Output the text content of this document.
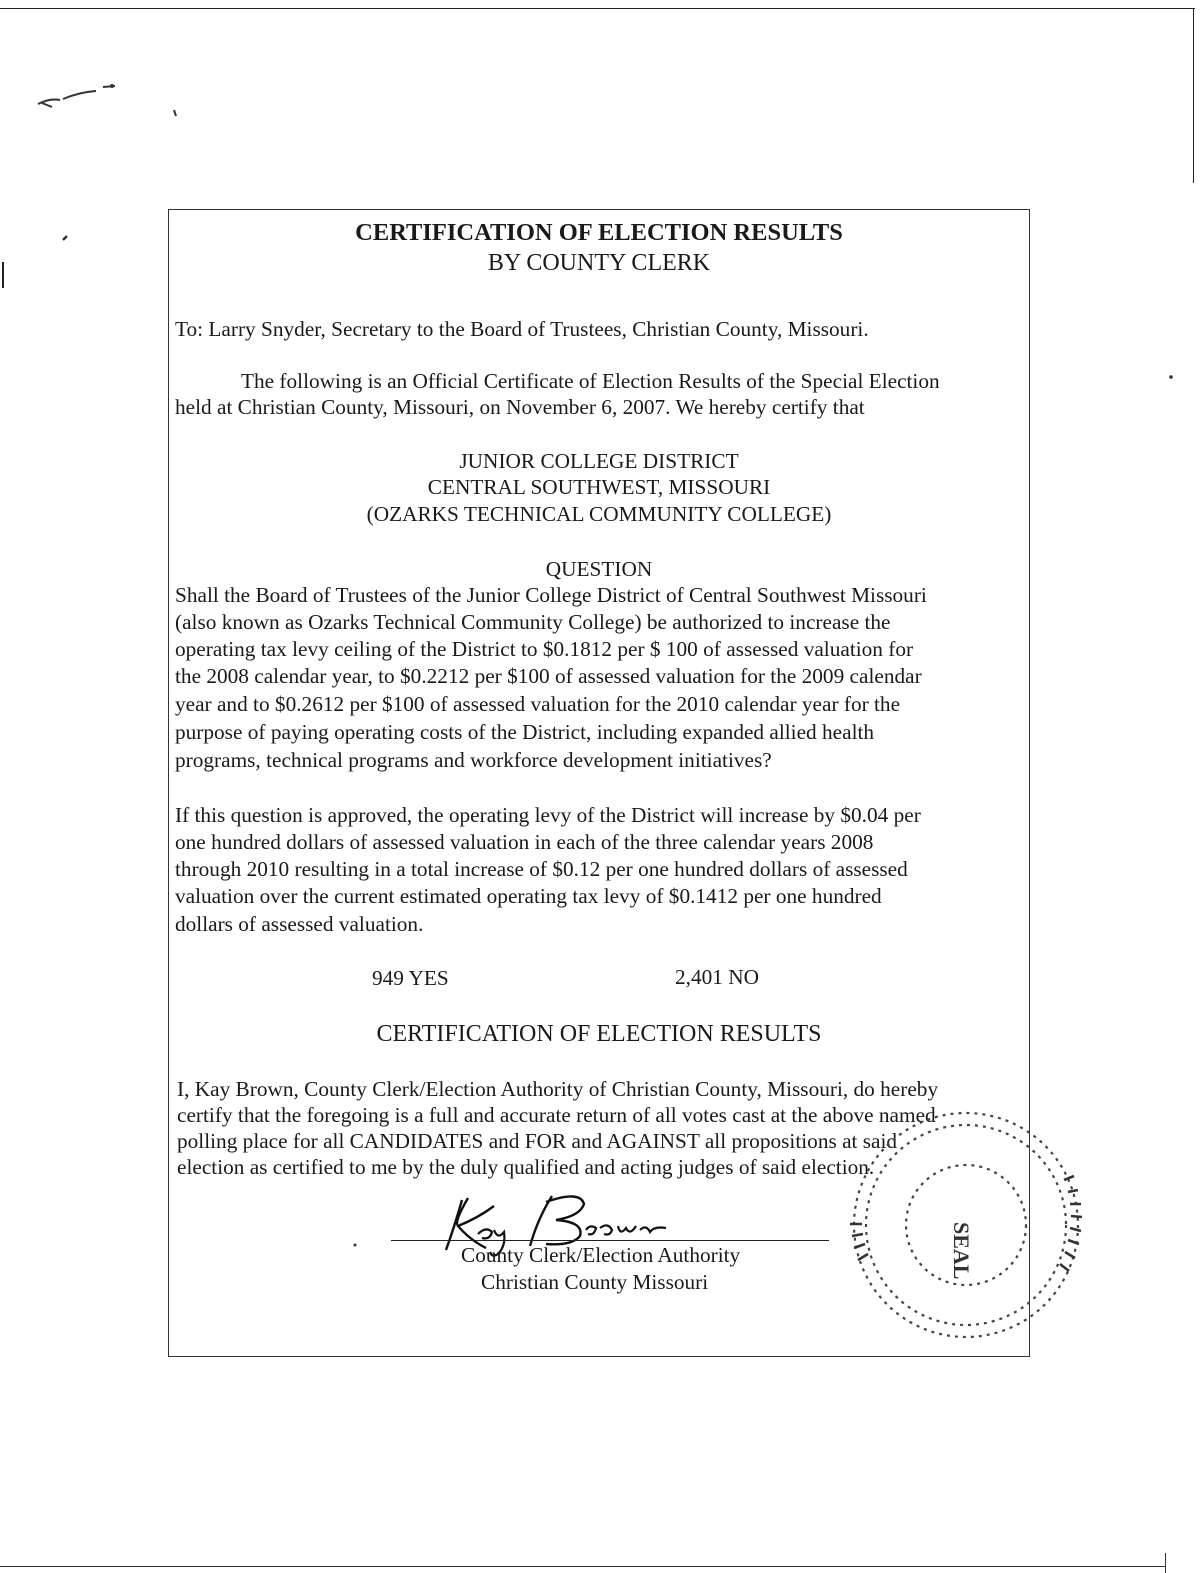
CERTIFICATION OF ELECTION RESULTS
BY COUNTY CLERK
To: Larry Snyder, Secretary to the Board of Trustees, Christian County, Missouri.
The following is an Official Certificate of Election Results of the Special Election
held at Christian County, Missouri, on November 6, 2007. We hereby certify that
JUNIOR COLLEGE DISTRICT
CENTRAL SOUTHWEST, MISSOURI
(OZARKS TECHNICAL COMMUNITY COLLEGE)
QUESTION
Shall the Board of Trustees of the Junior College District of Central Southwest Missouri
(also known as Ozarks Technical Community College) be authorized to increase the
operating tax levy ceiling of the District to $0.1812 per $ 100 of assessed valuation for
the 2008 calendar year, to $0.2212 per $100 of assessed valuation for the 2009 calendar
year and to $0.2612 per $100 of assessed valuation for the 2010 calendar year for the
purpose of paying operating costs of the District, including expanded allied health
programs, technical programs and workforce development initiatives?
If this question is approved, the operating levy of the District will increase by $0.04 per
one hundred dollars of assessed valuation in each of the three calendar years 2008
through 2010 resulting in a total increase of $0.12 per one hundred dollars of assessed
valuation over the current estimated operating tax levy of $0.1412 per one hundred
dollars of assessed valuation.
949 YES	2,401 NO
CERTIFICATION OF ELECTION RESULTS
I, Kay Brown, County Clerk/Election Authority of Christian County, Missouri, do hereby
certify that the foregoing is a full and accurate return of all votes cast at the above named
polling place for all CANDIDATES and FOR and AGAINST all propositions at said
election as certified to me by the duly qualified and acting judges of said election.
County Clerk/Election Authority
Christian County Missouri
SEAL
